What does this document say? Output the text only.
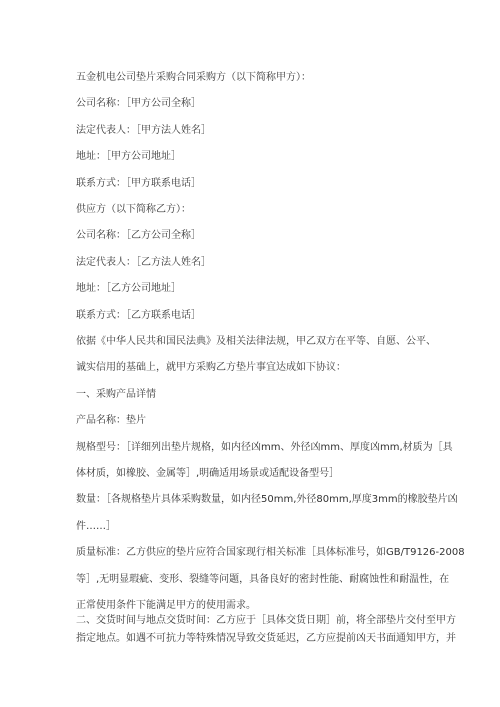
五金机电公司垫片采购合同采购方（以下简称甲方）：
公司名称：［甲方公司全称］
法定代表人：［甲方法人姓名］
地址：［甲方公司地址］
联系方式：［甲方联系电话］
供应方（以下简称乙方）：
公司名称：［乙方公司全称］
法定代表人：［乙方法人姓名］
地址：［乙方公司地址］
联系方式：［乙方联系电话］
依据《中华人民共和国民法典》及相关法律法规，甲乙双方在平等、自愿、公平、
诚实信用的基础上，就甲方采购乙方垫片事宜达成如下协议：
一、采购产品详情
产品名称：垫片
规格型号：［详细列出垫片规格，如内径凶mm、外径凶mm、厚度凶mm,材质为［具
体材质，如橡胶、金属等］,明确适用场景或适配设备型号］
数量：［各规格垫片具体采购数量，如内径50mm,外径80mm,厚度3mm的橡胶垫片凶
件……］
质量标准：乙方供应的垫片应符合国家现行相关标准［具体标准号，如GB/T9126-2008
等］,无明显瑕疵、变形、裂缝等问题，具备良好的密封性能、耐腐蚀性和耐温性，在
正常使用条件下能满足甲方的使用需求。
二、交货时间与地点交货时间：乙方应于［具体交货日期］前，将全部垫片交付至甲方
指定地点。如遇不可抗力等特殊情况导致交货延迟，乙方应提前凶天书面通知甲方，并
